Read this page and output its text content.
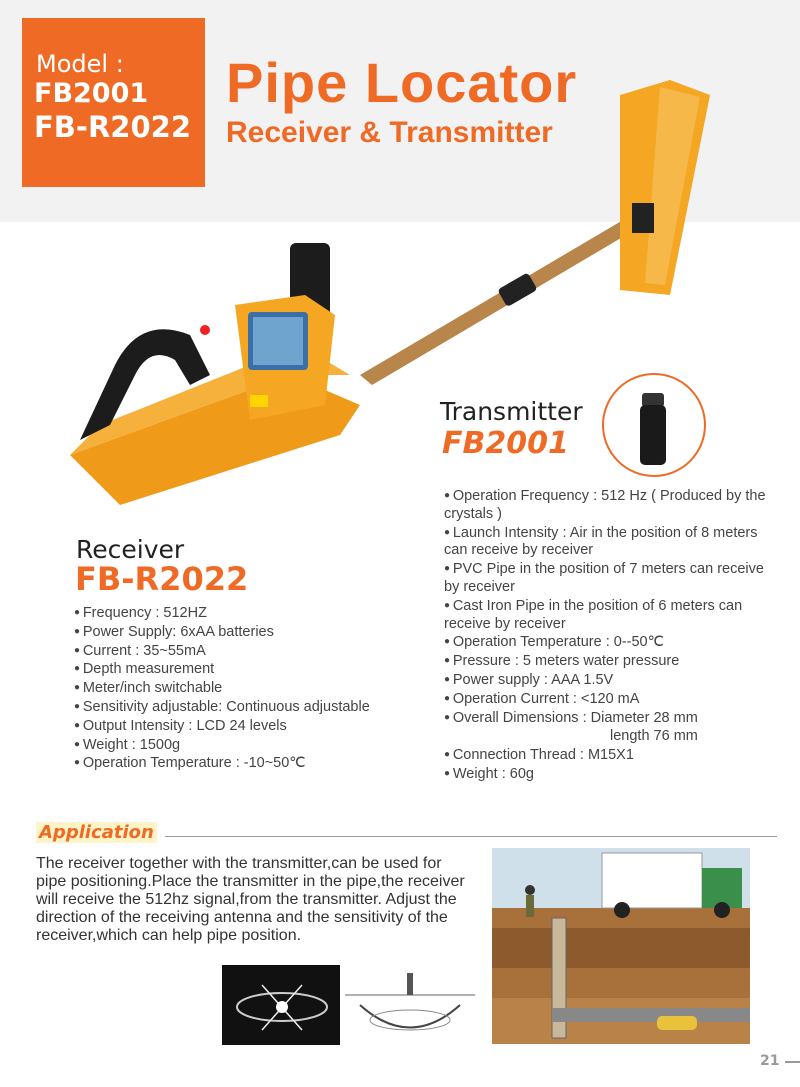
Model :
FB2001
FB-R2022
Pipe Locator
Receiver & Transmitter
Transmitter
FB2001
● Operation Frequency : 512 Hz ( Produced by the crystals )
● Launch Intensity : Air in the position of 8 meters can receive by receiver
● PVC Pipe in the position of 7 meters can receive by receiver
● Cast Iron Pipe in the position of 6 meters can receive by receiver
● Operation Temperature : 0--50℃
● Pressure : 5 meters water pressure
● Power supply : AAA 1.5V
● Operation Current : <120 mA
● Overall Dimensions : Diameter 28 mm
length 76 mm
● Connection Thread : M15X1
● Weight : 60g
Receiver
FB-R2022
● Frequency : 512HZ
● Power Supply: 6xAA batteries
● Current : 35~55mA
● Depth measurement
● Meter/inch switchable
● Sensitivity adjustable: Continuous adjustable
● Output Intensity : LCD 24 levels
● Weight : 1500g
● Operation Temperature : -10~50℃
Application
The receiver together with the transmitter,can be used for pipe positioning.Place the transmitter in the pipe,the receiver will receive the 512hz signal,from the transmitter. Adjust the direction of the receiving antenna and the sensitivity of the receiver,which can help pipe position.
21
